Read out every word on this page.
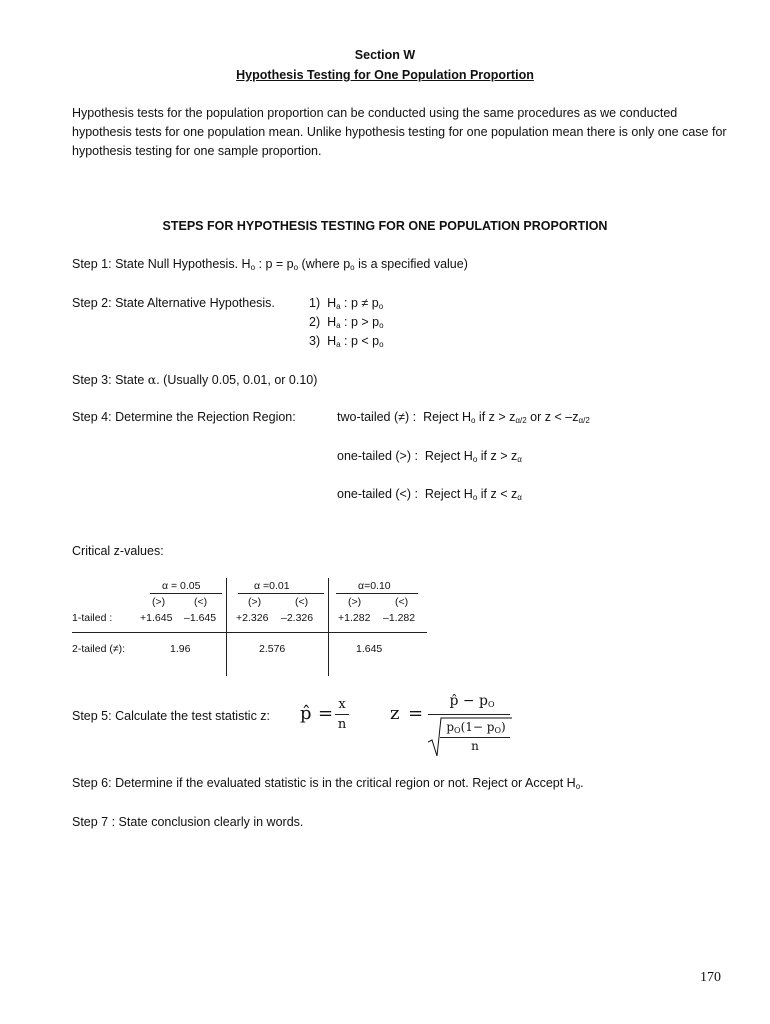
Section W
Hypothesis Testing for One Population Proportion
Hypothesis tests for the population proportion can be conducted using the same procedures as we conducted hypothesis tests for one population mean. Unlike hypothesis testing for one population mean there is only one case for hypothesis testing for one sample proportion.
STEPS FOR HYPOTHESIS TESTING FOR ONE POPULATION PROPORTION
Step 1: State Null Hypothesis. $H_o$ : $p = p_o$ (where $p_o$ is a specified value)
Step 2: State Alternative Hypothesis.	1) $H_a$ : $p \ne p_o$
2) $H_a$ : $p > p_o$
3) $H_a$ : $p < p_o$
Step 3: State α. (Usually 0.05, 0.01, or 0.10)
Step 4: Determine the Rejection Region:	two-tailed (≠) : Reject $H_o$ if $z > z_{\alpha/2}$ or $z < -z_{\alpha/2}$
one-tailed (>) : Reject $H_o$ if $z > z_\alpha$
one-tailed (<) : Reject $H_o$ if $z < z_\alpha$
Critical z-values:
α = 0.05	α =0.01	α=0.10
(>)	(<)	(>)	(<)	(>)	(<)
1-tailed :	+1.645 –1.645 +2.326 –2.326 +1.282 –1.282
2-tailed (≠):	1.96	2.576	1.645
Step 5: Calculate the test statistic z: p̂ = x
n
z =
p̂ − $p_O$
$p_O(1- p_O)$
n
Step 6: Determine if the evaluated statistic is in the critical region or not. Reject or Accept $H_o$.
Step 7 : State conclusion clearly in words.
170
